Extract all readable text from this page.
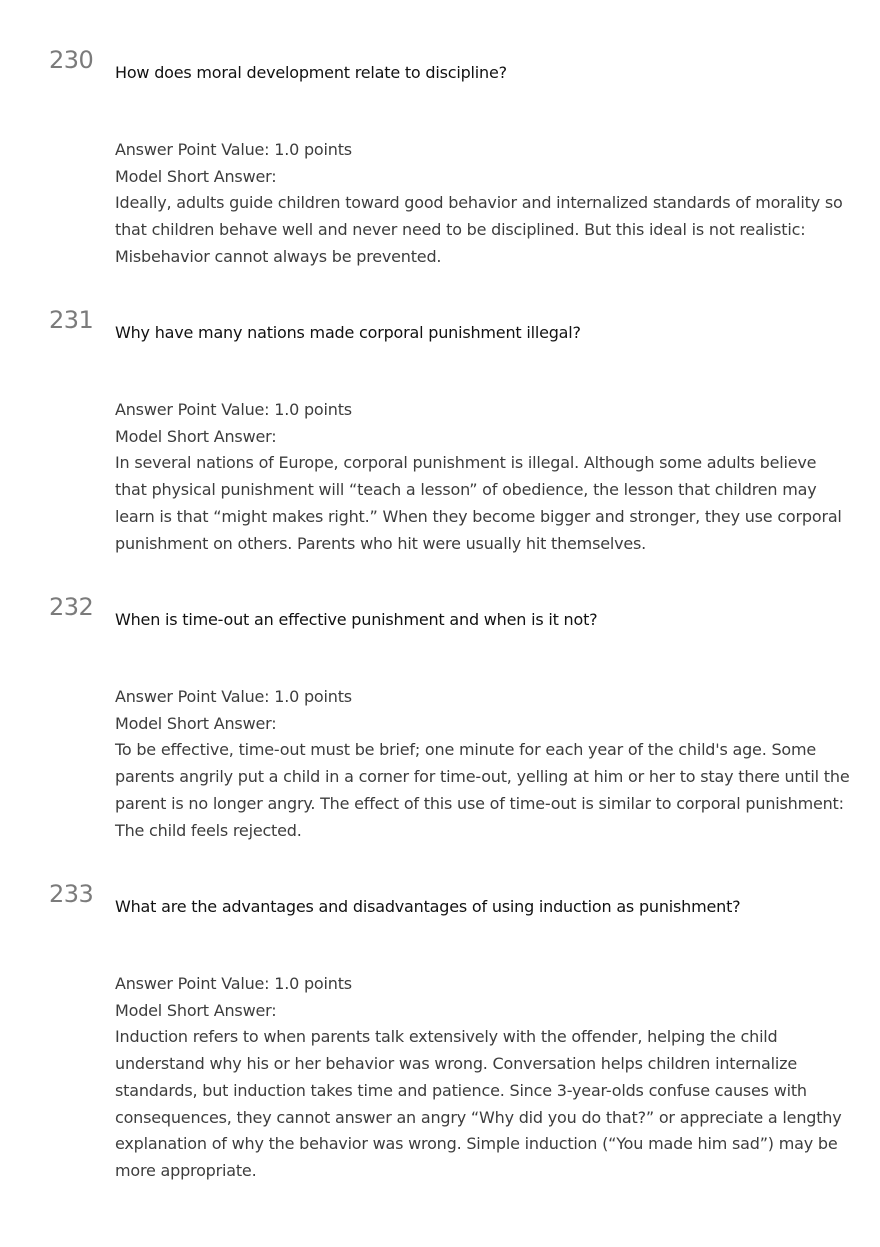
230 How does moral development relate to discipline?
Answer Point Value: 1.0 points
Model Short Answer:
Ideally, adults guide children toward good behavior and internalized standards of morality so that children behave well and never need to be disciplined. But this ideal is not realistic: Misbehavior cannot always be prevented.
231 Why have many nations made corporal punishment illegal?
Answer Point Value: 1.0 points
Model Short Answer:
In several nations of Europe, corporal punishment is illegal. Although some adults believe that physical punishment will “teach a lesson” of obedience, the lesson that children may learn is that “might makes right.” When they become bigger and stronger, they use corporal punishment on others. Parents who hit were usually hit themselves.
232 When is time-out an effective punishment and when is it not?
Answer Point Value: 1.0 points
Model Short Answer:
To be effective, time-out must be brief; one minute for each year of the child's age. Some parents angrily put a child in a corner for time-out, yelling at him or her to stay there until the parent is no longer angry. The effect of this use of time-out is similar to corporal punishment: The child feels rejected.
233 What are the advantages and disadvantages of using induction as punishment?
Answer Point Value: 1.0 points
Model Short Answer:
Induction refers to when parents talk extensively with the offender, helping the child understand why his or her behavior was wrong. Conversation helps children internalize standards, but induction takes time and patience. Since 3-year-olds confuse causes with consequences, they cannot answer an angry “Why did you do that?” or appreciate a lengthy explanation of why the behavior was wrong. Simple induction (“You made him sad”) may be more appropriate.
